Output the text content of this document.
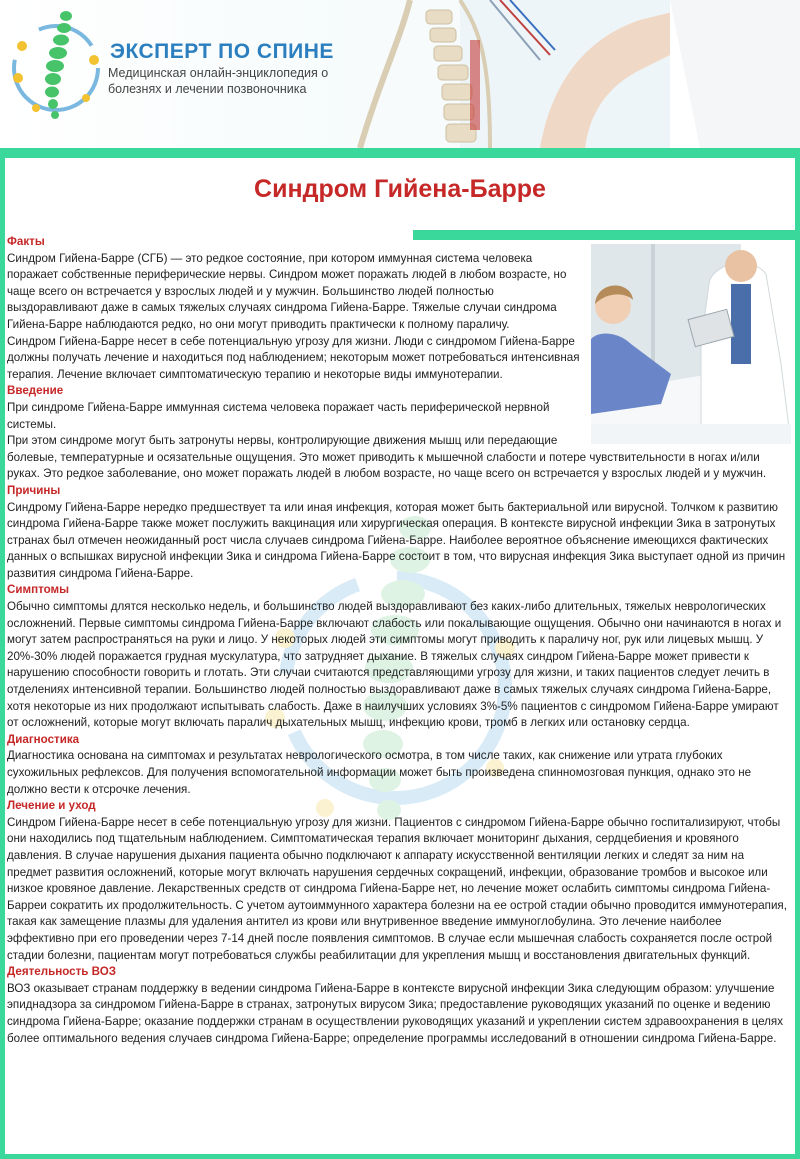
ЭКСПЕРТ ПО СПИНЕ
Медицинская онлайн-энциклопедия о болезнях и лечении позвоночника
Синдром Гийена-Барре
Факты

Синдром Гийена-Барре (СГБ) — это редкое состояние, при котором иммунная система человека поражает собственные периферические нервы. Синдром может поражать людей в любом возрасте, но чаще всего он встречается у взрослых людей и у мужчин. Большинство людей полностью выздоравливают даже в самых тяжелых случаях синдрома Гийена-Барре. Тяжелые случаи синдрома Гийена-Барре наблюдаются редко, но они могут приводить практически к полному параличу.

Синдром Гийена-Барре несет в себе потенциальную угрозу для жизни. Люди с синдромом Гийена-Барре должны получать лечение и находиться под наблюдением; некоторым может потребоваться интенсивная терапия. Лечение включает симптоматическую терапию и некоторые виды иммунотерапии.

Введение

При синдроме Гийена-Барре иммунная система человека поражает часть периферической нервной системы.

При этом синдроме могут быть затронуты нервы, контролирующие движения мышц или передающие болевые, температурные и осязательные ощущения. Это может приводить к мышечной слабости и потере чувствительности в ногах и/или руках. Это редкое заболевание, оно может поражать людей в любом возрасте, но чаще всего он встречается у взрослых людей и у мужчин.

Причины

Синдрому Гийена-Барре нередко предшествует та или иная инфекция, которая может быть бактериальной или вирусной. Толчком к развитию синдрома Гийена-Барре также может послужить вакцинация или хирургическая операция. В контексте вирусной инфекции Зика в затронутых странах был отмечен неожиданный рост числа случаев синдрома Гийена-Барре. Наиболее вероятное объяснение имеющихся фактических данных о вспышках вирусной инфекции Зика и синдрома Гийена-Барре состоит в том, что вирусная инфекция Зика выступает одной из причин развития синдрома Гийена-Барре.

Симптомы

Обычно симптомы длятся несколько недель, и большинство людей выздоравливают без каких-либо длительных, тяжелых неврологических осложнений. Первые симптомы синдрома Гийена-Барре включают слабость или покалывающие ощущения. Обычно они начинаются в ногах и могут затем распространяться на руки и лицо. У некоторых людей эти симптомы могут приводить к параличу ног, рук или лицевых мышц. У 20%-30% людей поражается грудная мускулатура, что затрудняет дыхание. В тяжелых случаях синдром Гийена-Барре может привести к нарушению способности говорить и глотать. Эти случаи считаются представляющими угрозу для жизни, и таких пациентов следует лечить в отделениях интенсивной терапии. Большинство людей полностью выздоравливают даже в самых тяжелых случаях синдрома Гийена-Барре, хотя некоторые из них продолжают испытывать слабость. Даже в наилучших условиях 3%-5% пациентов с синдромом Гийена-Барре умирают от осложнений, которые могут включать паралич дыхательных мышц, инфекцию крови, тромб в легких или остановку сердца.

Диагностика

Диагностика основана на симптомах и результатах неврологического осмотра, в том числе таких, как снижение или утрата глубоких сухожильных рефлексов. Для получения вспомогательной информации может быть произведена спинномозговая пункция, однако это не должно вести к отсрочке лечения.

Лечение и уход

Синдром Гийена-Барре несет в себе потенциальную угрозу для жизни. Пациентов с синдромом Гийена-Барре обычно госпитализируют, чтобы они находились под тщательным наблюдением. Симптоматическая терапия включает мониторинг дыхания, сердцебиения и кровяного давления. В случае нарушения дыхания пациента обычно подключают к аппарату искусственной вентиляции легких и следят за ним на предмет развития осложнений, которые могут включать нарушения сердечных сокращений, инфекции, образование тромбов и высокое или низкое кровяное давление. Лекарственных средств от синдрома Гийена-Барре нет, но лечение может ослабить симптомы синдрома Гийена-Барреи сократить их продолжительность. С учетом аутоиммунного характера болезни на ее острой стадии обычно проводится иммунотерапия, такая как замещение плазмы для удаления антител из крови или внутривенное введение иммуноглобулина. Это лечение наиболее эффективно при его проведении через 7-14 дней после появления симптомов. В случае если мышечная слабость сохраняется после острой стадии болезни, пациентам могут потребоваться службы реабилитации для укрепления мышц и восстановления двигательных функций.

Деятельность ВОЗ

ВОЗ оказывает странам поддержку в ведении синдрома Гийена-Барре в контексте вирусной инфекции Зика следующим образом: улучшение эпиднадзора за синдромом Гийена-Барре в странах, затронутых вирусом Зика; предоставление руководящих указаний по оценке и ведению синдрома Гийена-Барре; оказание поддержки странам в осуществлении руководящих указаний и укреплении систем здравоохранения в целях более оптимального ведения случаев синдрома Гийена-Барре; определение программы исследований в отношении синдрома Гийена-Барре.
